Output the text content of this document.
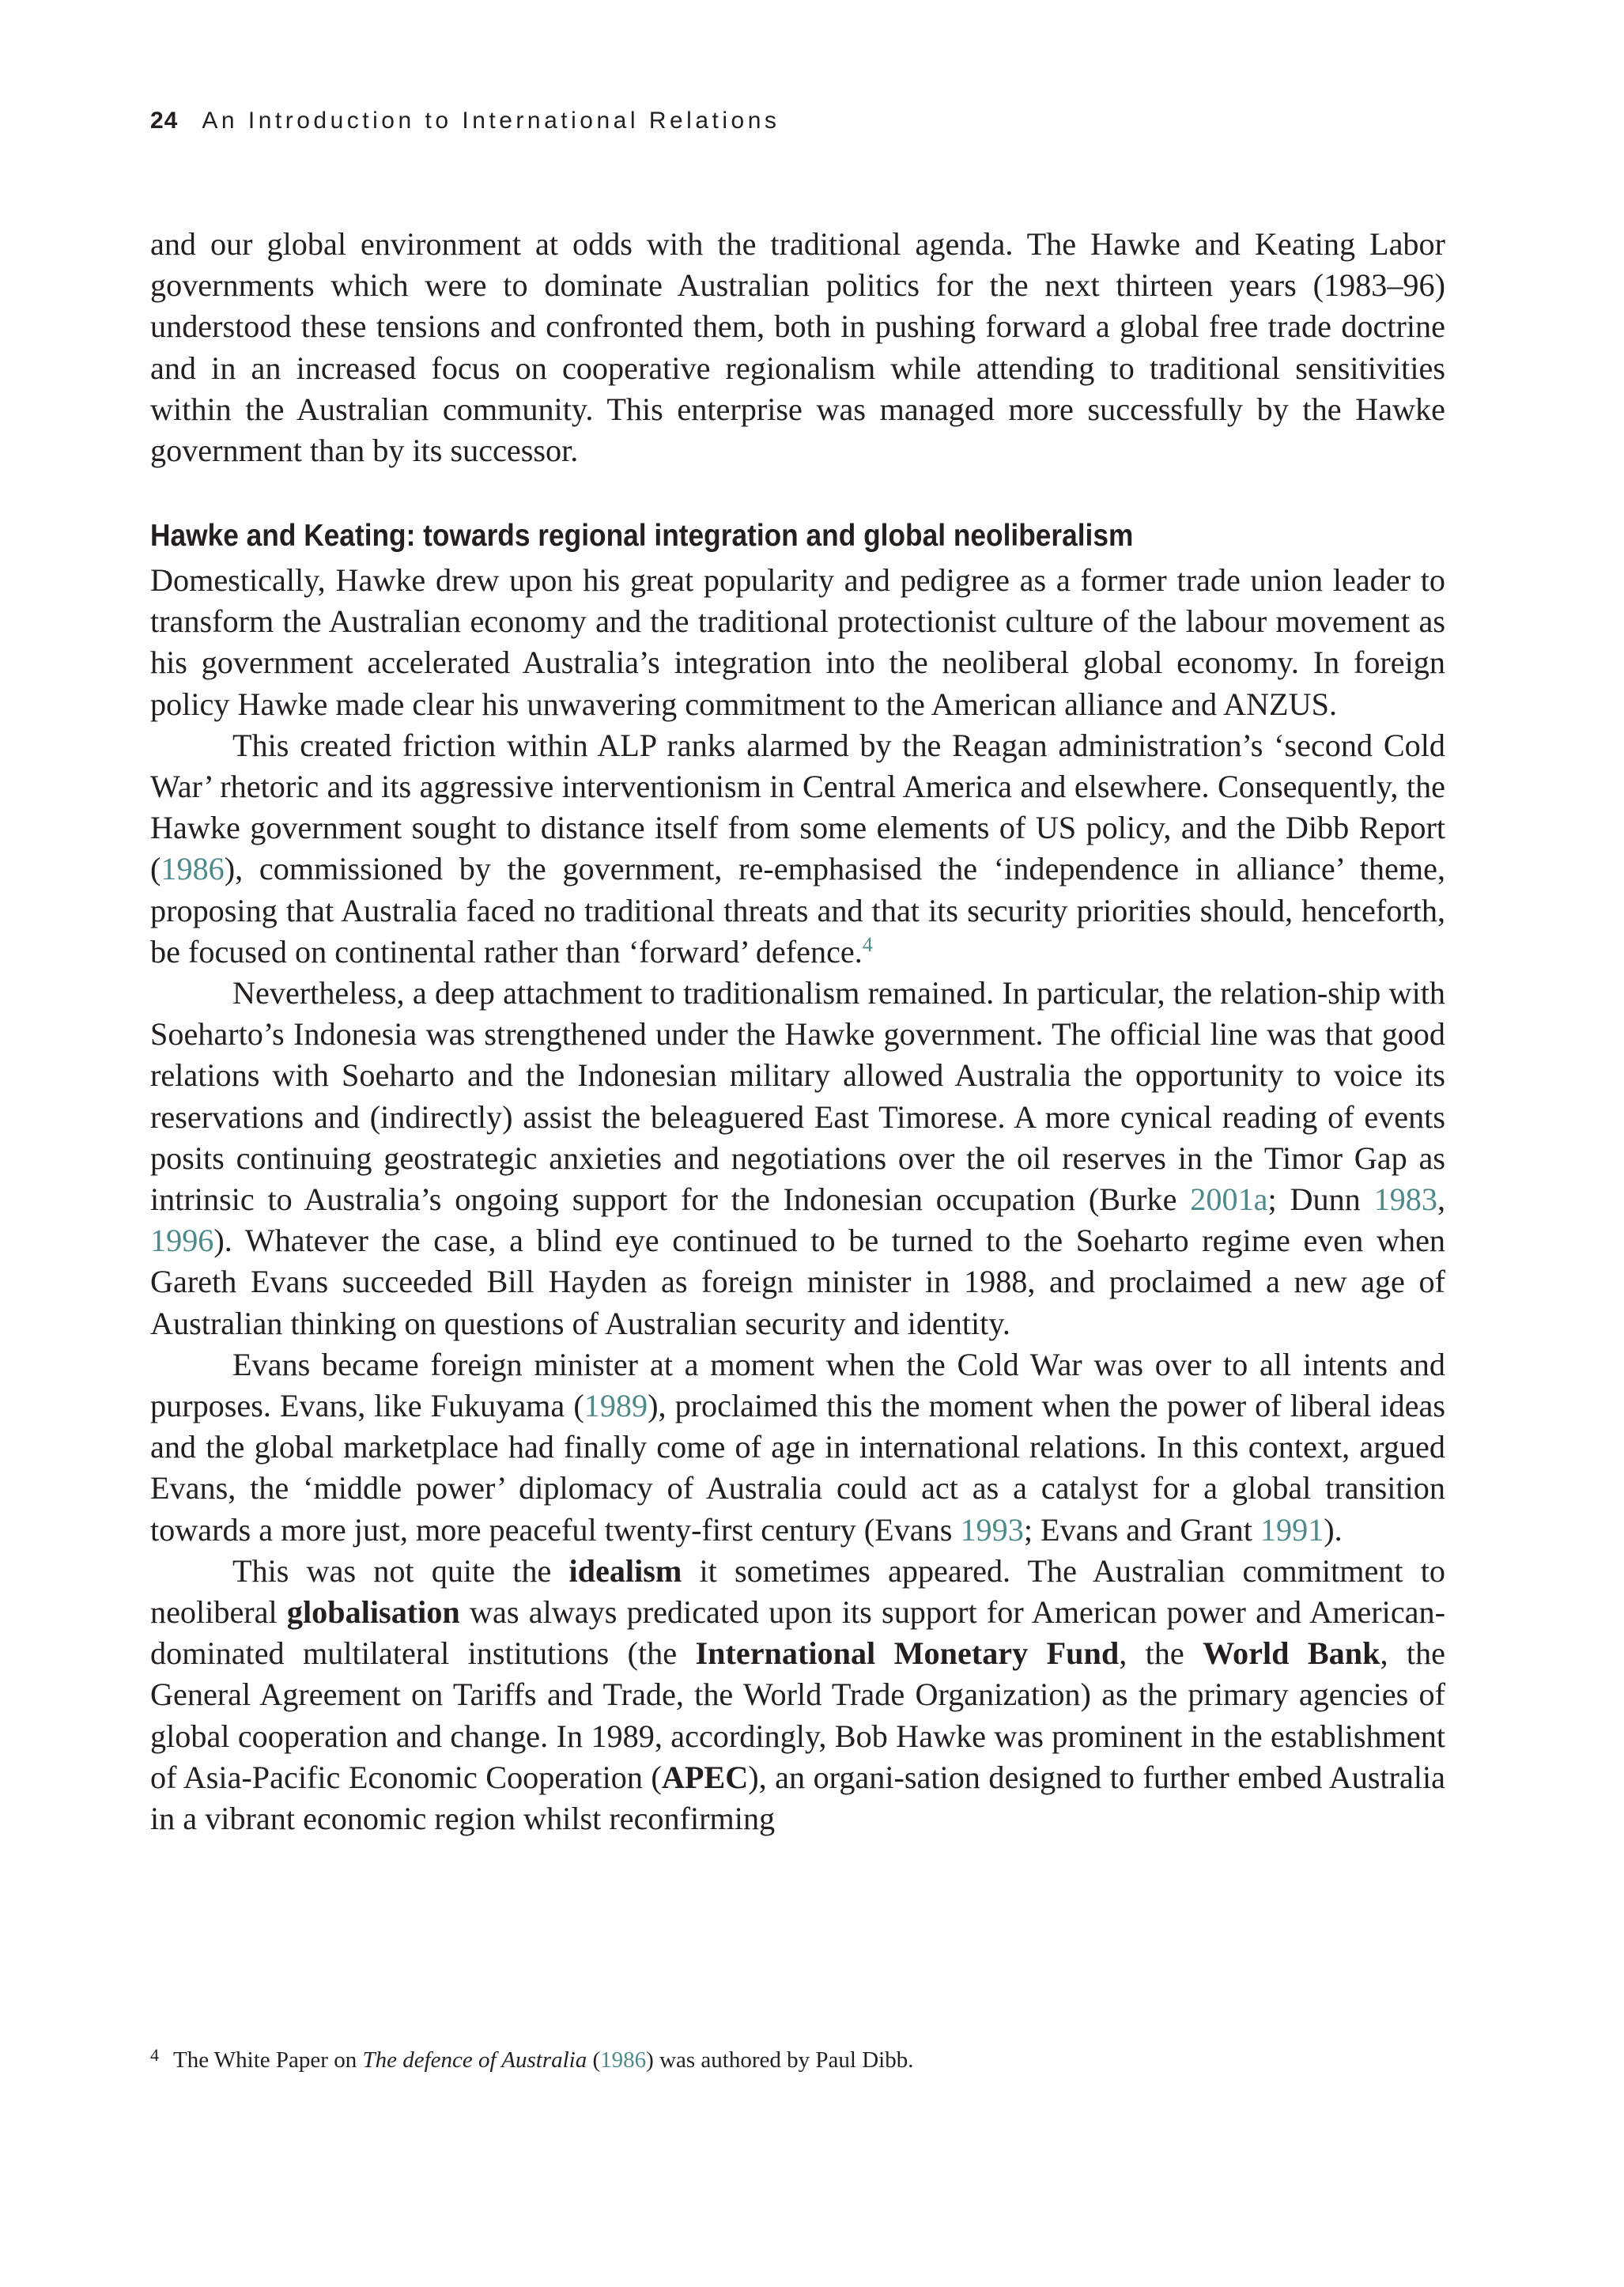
24 An Introduction to International Relations

and our global environment at odds with the traditional agenda. The Hawke and Keating Labor governments which were to dominate Australian politics for the next thirteen years (1983–96) understood these tensions and confronted them, both in pushing forward a global free trade doctrine and in an increased focus on cooperative regionalism while attending to traditional sensitivities within the Australian community. This enterprise was managed more successfully by the Hawke government than by its successor.

Hawke and Keating: towards regional integration and global neoliberalism

Domestically, Hawke drew upon his great popularity and pedigree as a former trade union leader to transform the Australian economy and the traditional protectionist culture of the labour movement as his government accelerated Australia’s integration into the neoliberal global economy. In foreign policy Hawke made clear his unwavering commitment to the American alliance and ANZUS.

This created friction within ALP ranks alarmed by the Reagan administration’s ‘second Cold War’ rhetoric and its aggressive interventionism in Central America and elsewhere. Consequently, the Hawke government sought to distance itself from some elements of US policy, and the Dibb Report (1986), commissioned by the government, re-emphasised the ‘independence in alliance’ theme, proposing that Australia faced no traditional threats and that its security priorities should, henceforth, be focused on continental rather than ‘forward’ defence.$^4$

Nevertheless, a deep attachment to traditionalism remained. In particular, the relation-ship with Soeharto’s Indonesia was strengthened under the Hawke government. The official line was that good relations with Soeharto and the Indonesian military allowed Australia the opportunity to voice its reservations and (indirectly) assist the beleaguered East Timorese. A more cynical reading of events posits continuing geostrategic anxieties and negotiations over the oil reserves in the Timor Gap as intrinsic to Australia’s ongoing support for the Indonesian occupation (Burke 2001a; Dunn 1983, 1996). Whatever the case, a blind eye continued to be turned to the Soeharto regime even when Gareth Evans succeeded Bill Hayden as foreign minister in 1988, and proclaimed a new age of Australian thinking on questions of Australian security and identity.

Evans became foreign minister at a moment when the Cold War was over to all intents and purposes. Evans, like Fukuyama (1989), proclaimed this the moment when the power of liberal ideas and the global marketplace had finally come of age in international relations. In this context, argued Evans, the ‘middle power’ diplomacy of Australia could act as a catalyst for a global transition towards a more just, more peaceful twenty-first century (Evans 1993; Evans and Grant 1991).

This was not quite the idealism it sometimes appeared. The Australian commitment to neoliberal globalisation was always predicated upon its support for American power and American-dominated multilateral institutions (the International Monetary Fund, the World Bank, the General Agreement on Tariffs and Trade, the World Trade Organization) as the primary agencies of global cooperation and change. In 1989, accordingly, Bob Hawke was prominent in the establishment of Asia-Pacific Economic Cooperation (APEC), an organi-sation designed to further embed Australia in a vibrant economic region whilst reconfirming

$^4$ The White Paper on The defence of Australia (1986) was authored by Paul Dibb.
